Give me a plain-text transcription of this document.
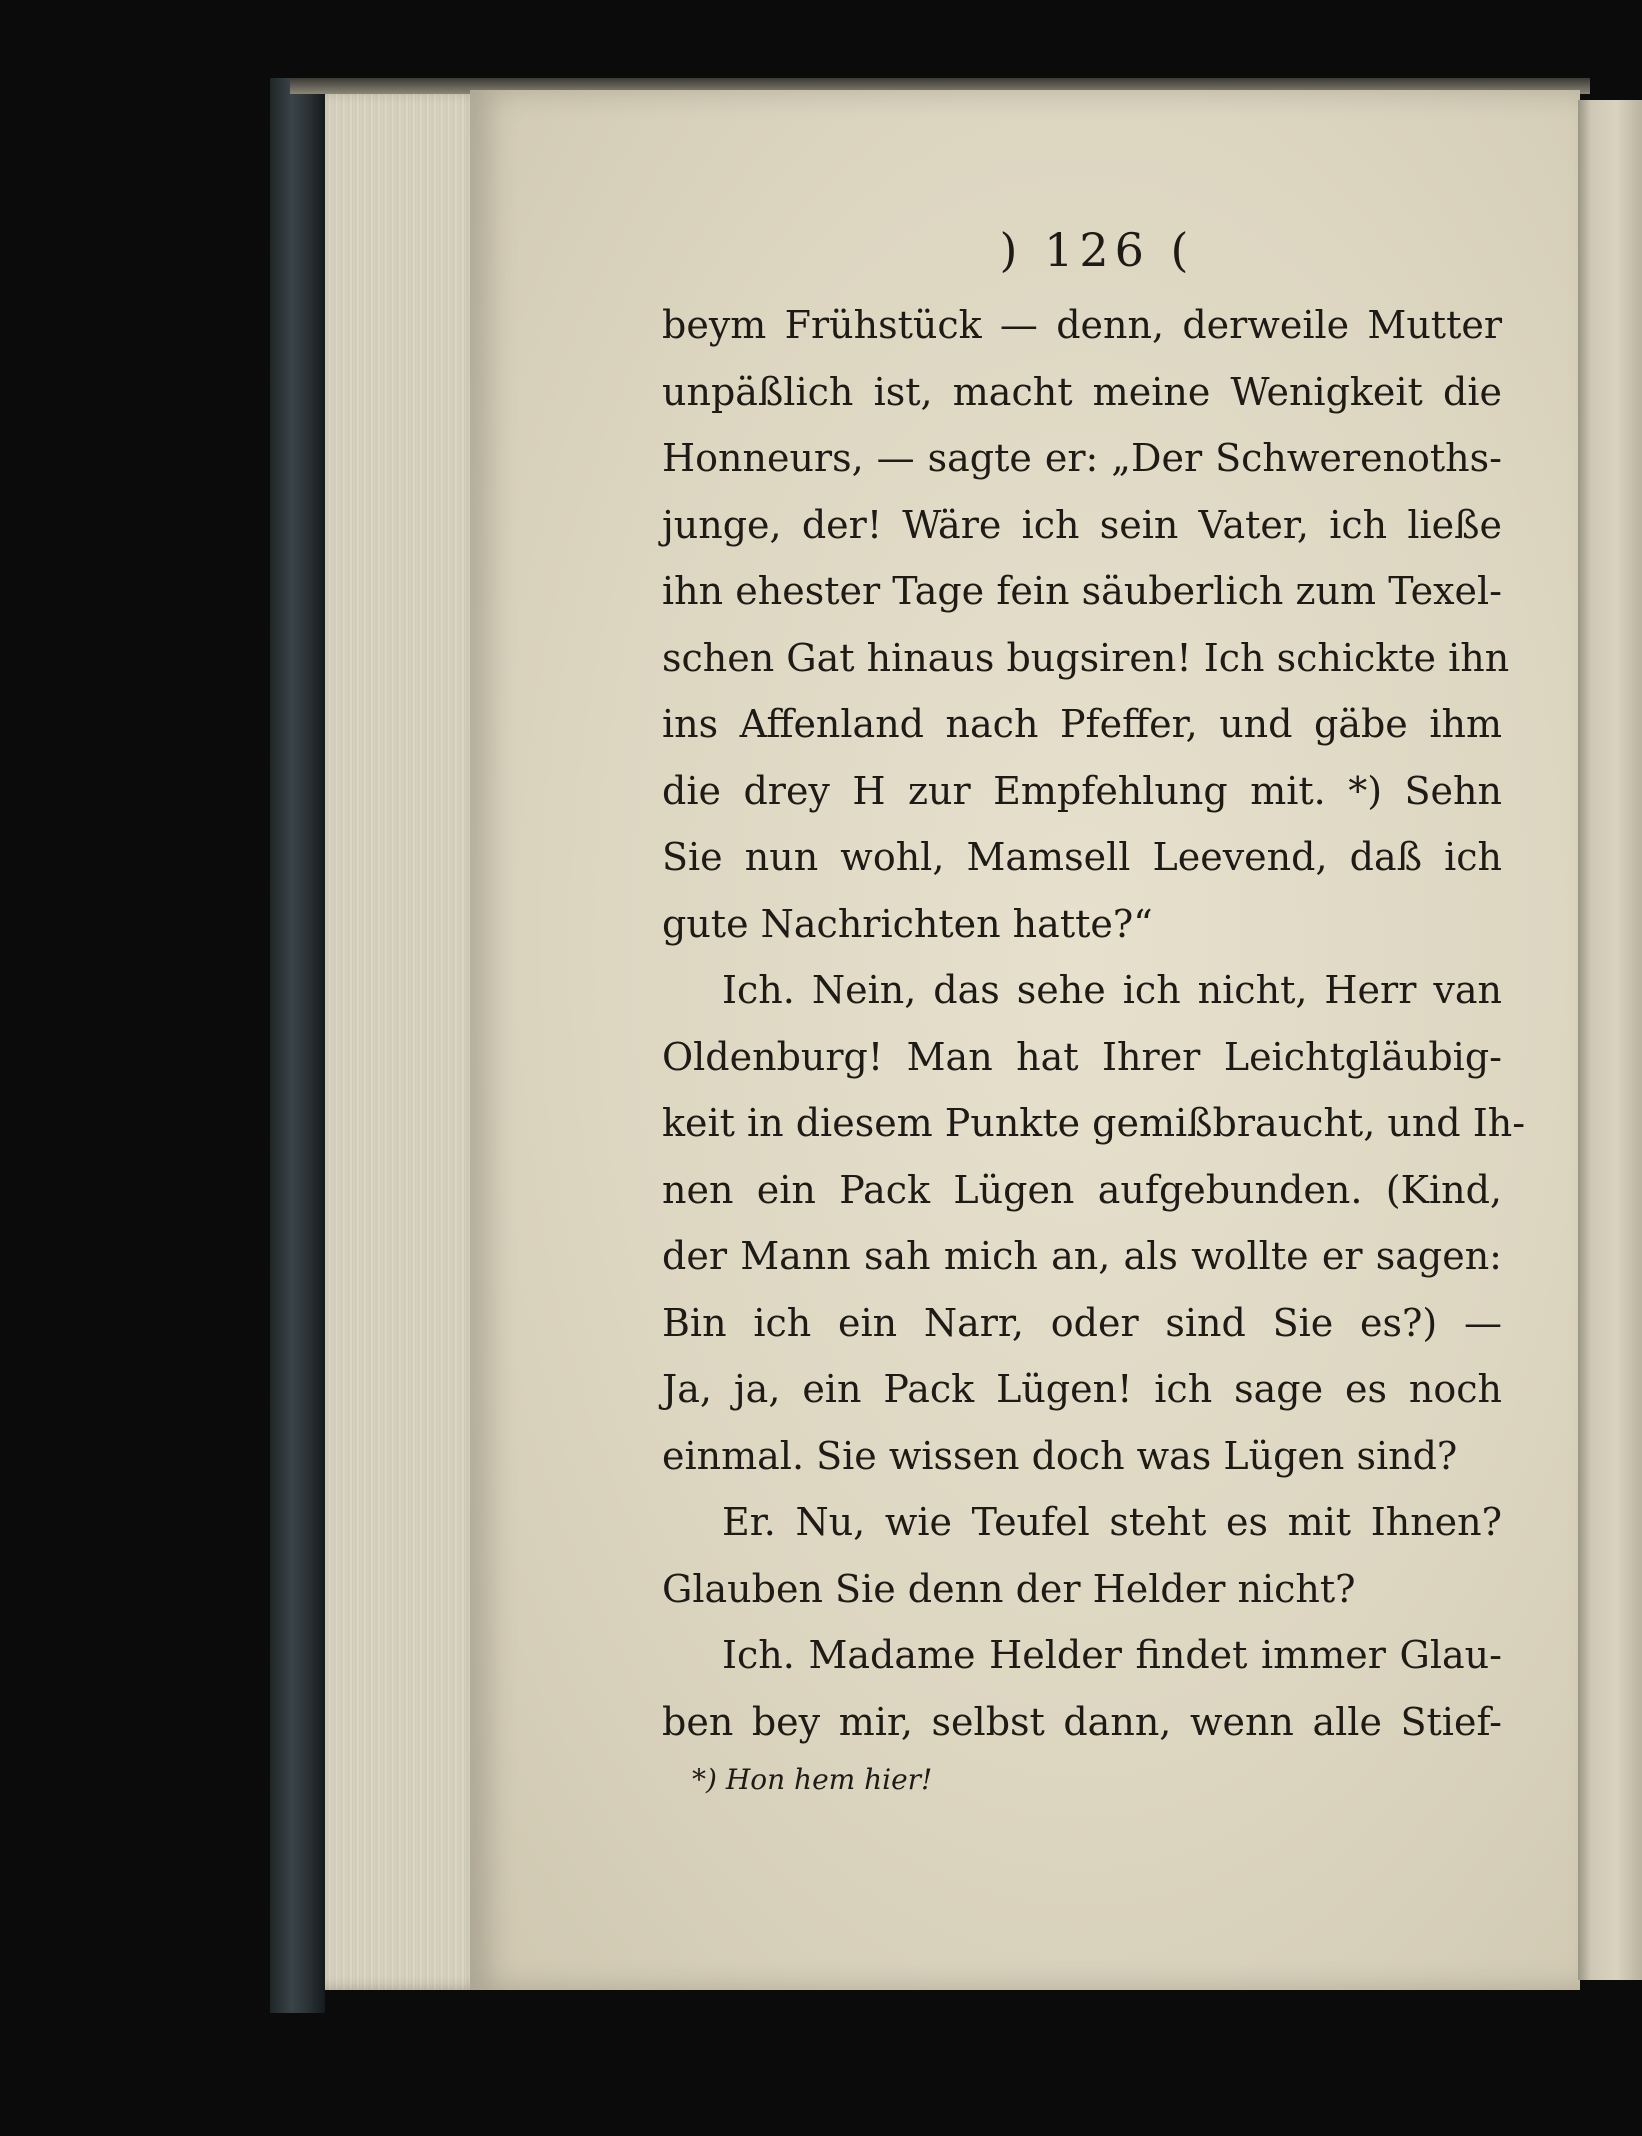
) 126 (
beym Frühstück — denn, derweile Mutter
unpäßlich ist, macht meine Wenigkeit die
Honneurs, — sagte er: „Der Schwerenoths-
junge, der! Wäre ich sein Vater, ich ließe
ihn ehester Tage fein säuberlich zum Texel-
schen Gat hinaus bugsiren! Ich schickte ihn
ins Affenland nach Pfeffer, und gäbe ihm
die drey H zur Empfehlung mit. *) Sehn
Sie nun wohl, Mamsell Leevend, daß ich
gute Nachrichten hatte?“
Ich. Nein, das sehe ich nicht, Herr van
Oldenburg! Man hat Ihrer Leichtgläubig-
keit in diesem Punkte gemißbraucht, und Ih-
nen ein Pack Lügen aufgebunden. (Kind,
der Mann sah mich an, als wollte er sagen:
Bin ich ein Narr, oder sind Sie es?) —
Ja, ja, ein Pack Lügen! ich sage es noch
einmal. Sie wissen doch was Lügen sind?
Er. Nu, wie Teufel steht es mit Ihnen?
Glauben Sie denn der Helder nicht?
Ich. Madame Helder findet immer Glau-
ben bey mir, selbst dann, wenn alle Stief-
*) Hon hem hier!
